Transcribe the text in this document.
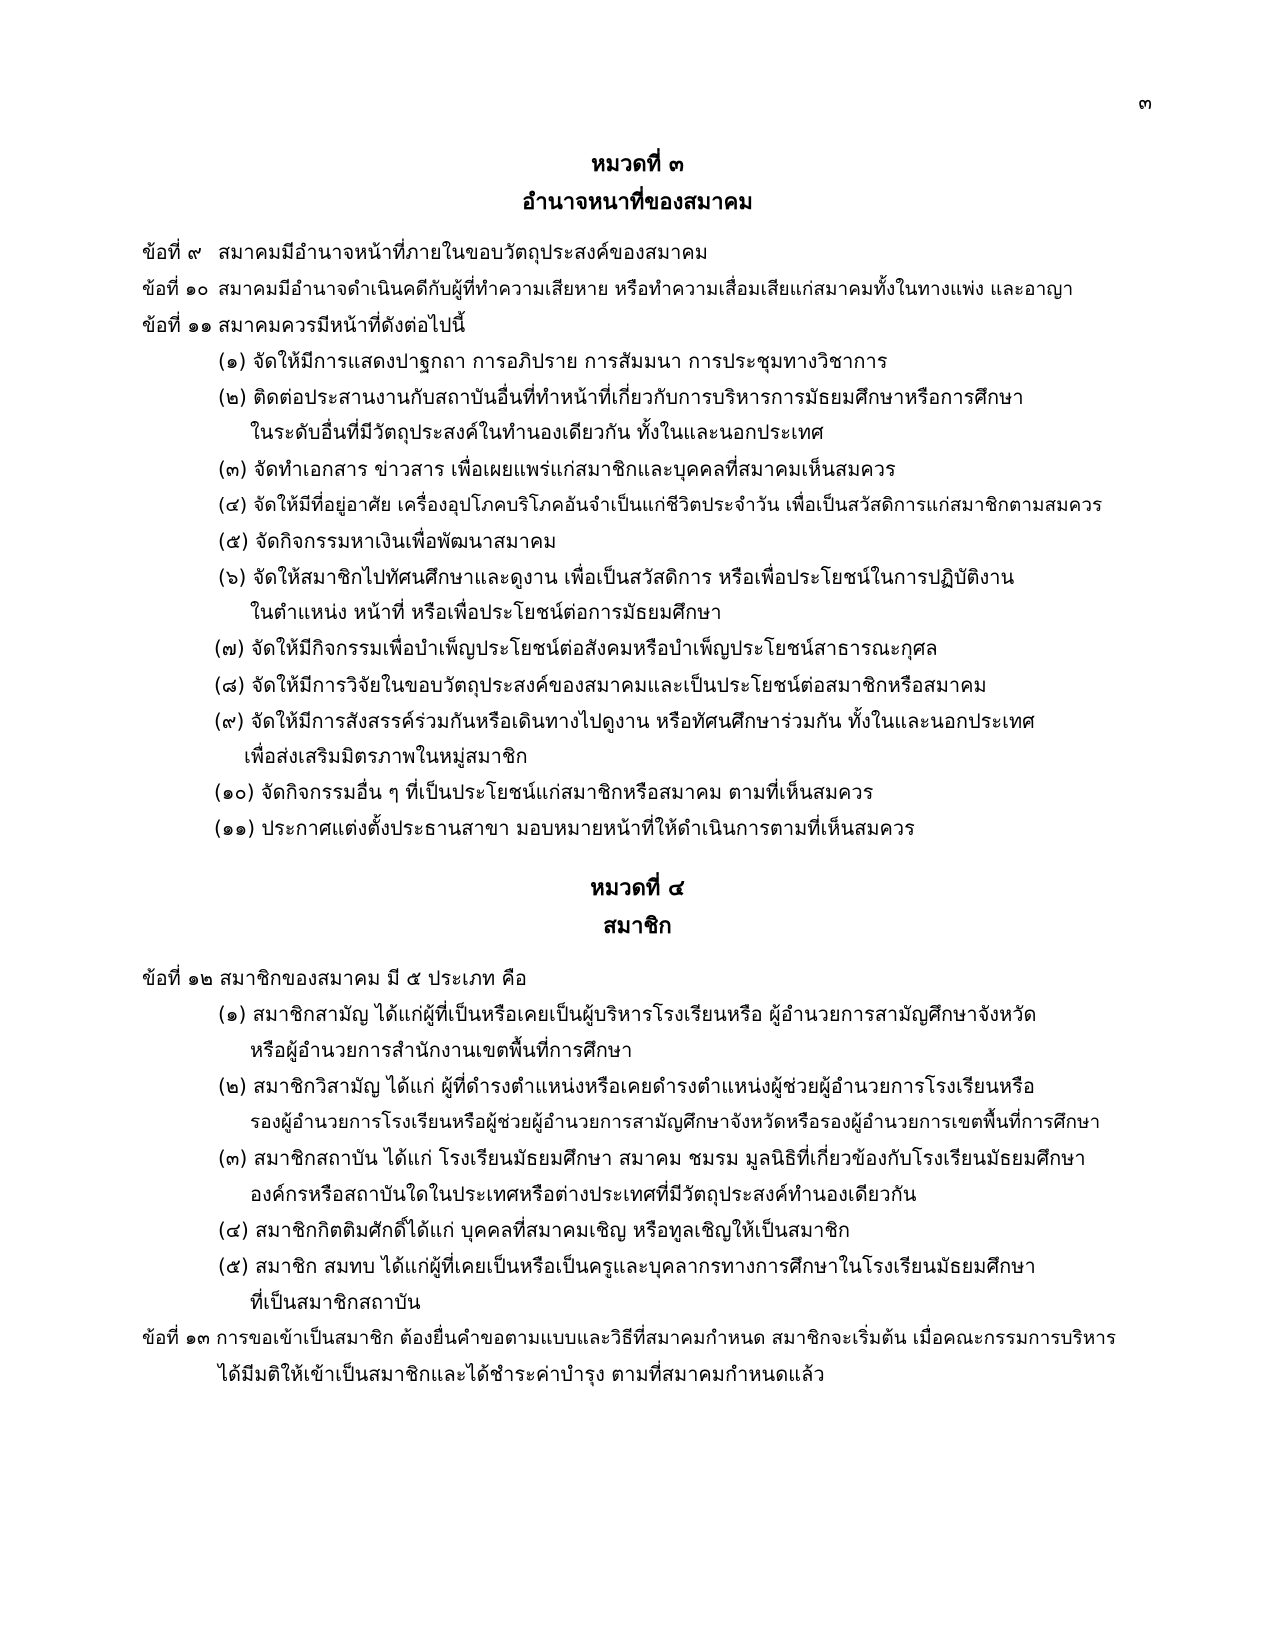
๓
หมวดที่ ๓
อำนาจหนาที่ของสมาคม
ข้อที่ ๙ สมาคมมีอำนาจหน้าที่ภายในขอบวัตถุประสงค์ของสมาคม
ข้อที่ ๑๐ สมาคมมีอำนาจดำเนินคดีกับผู้ที่ทำความเสียหาย หรือทำความเสื่อมเสียแก่สมาคมทั้งในทางแพ่ง และอาญา
ข้อที่ ๑๑ สมาคมควรมีหน้าที่ดังต่อไปนี้
(๑) จัดให้มีการแสดงปาฐกถา การอภิปราย การสัมมนา การประชุมทางวิชาการ
(๒) ติดต่อประสานงานกับสถาบันอื่นที่ทำหน้าที่เกี่ยวกับการบริหารการมัธยมศึกษาหรือการศึกษา
ในระดับอื่นที่มีวัตถุประสงค์ในทำนองเดียวกัน ทั้งในและนอกประเทศ
(๓) จัดทำเอกสาร ข่าวสาร เพื่อเผยแพร่แก่สมาชิกและบุคคลที่สมาคมเห็นสมควร
(๔) จัดให้มีที่อยู่อาศัย เครื่องอุปโภคบริโภคอันจำเป็นแก่ชีวิตประจำวัน เพื่อเป็นสวัสดิการแก่สมาชิกตามสมควร
(๕) จัดกิจกรรมหาเงินเพื่อพัฒนาสมาคม
(๖) จัดให้สมาชิกไปทัศนศึกษาและดูงาน เพื่อเป็นสวัสดิการ หรือเพื่อประโยชน์ในการปฏิบัติงาน
ในตำแหน่ง หน้าที่ หรือเพื่อประโยชน์ต่อการมัธยมศึกษา
(๗) จัดให้มีกิจกรรมเพื่อบำเพ็ญประโยชน์ต่อสังคมหรือบำเพ็ญประโยชน์สาธารณะกุศล
(๘) จัดให้มีการวิจัยในขอบวัตถุประสงค์ของสมาคมและเป็นประโยชน์ต่อสมาชิกหรือสมาคม
(๙) จัดให้มีการสังสรรค์ร่วมกันหรือเดินทางไปดูงาน หรือทัศนศึกษาร่วมกัน ทั้งในและนอกประเทศ
เพื่อส่งเสริมมิตรภาพในหมู่สมาชิก
(๑๐) จัดกิจกรรมอื่น ๆ ที่เป็นประโยชน์แก่สมาชิกหรือสมาคม ตามที่เห็นสมควร
(๑๑) ประกาศแต่งตั้งประธานสาขา มอบหมายหน้าที่ให้ดำเนินการตามที่เห็นสมควร
หมวดที่ ๔
สมาชิก
ข้อที่ ๑๒ สมาชิกของสมาคม มี ๕ ประเภท คือ
(๑) สมาชิกสามัญ ได้แก่ผู้ที่เป็นหรือเคยเป็นผู้บริหารโรงเรียนหรือ ผู้อำนวยการสามัญศึกษาจังหวัด
หรือผู้อำนวยการสำนักงานเขตพื้นที่การศึกษา
(๒) สมาชิกวิสามัญ ได้แก่ ผู้ที่ดำรงตำแหน่งหรือเคยดำรงตำแหน่งผู้ช่วยผู้อำนวยการโรงเรียนหรือ
รองผู้อำนวยการโรงเรียนหรือผู้ช่วยผู้อำนวยการสามัญศึกษาจังหวัดหรือรองผู้อำนวยการเขตพื้นที่การศึกษา
(๓) สมาชิกสถาบัน ได้แก่ โรงเรียนมัธยมศึกษา สมาคม ชมรม มูลนิธิที่เกี่ยวข้องกับโรงเรียนมัธยมศึกษา
องค์กรหรือสถาบันใดในประเทศหรือต่างประเทศที่มีวัตถุประสงค์ทำนองเดียวกัน
(๔) สมาชิกกิตติมศักดิ์ได้แก่ บุคคลที่สมาคมเชิญ หรือทูลเชิญให้เป็นสมาชิก
(๕) สมาชิก สมทบ ได้แก่ผู้ที่เคยเป็นหรือเป็นครูและบุคลากรทางการศึกษาในโรงเรียนมัธยมศึกษา
ที่เป็นสมาชิกสถาบัน
ข้อที่ ๑๓ การขอเข้าเป็นสมาชิก ต้องยื่นคำขอตามแบบและวิธีที่สมาคมกำหนด สมาชิกจะเริ่มต้น เมื่อคณะกรรมการบริหาร
ได้มีมติให้เข้าเป็นสมาชิกและได้ชำระค่าบำรุง ตามที่สมาคมกำหนดแล้ว
